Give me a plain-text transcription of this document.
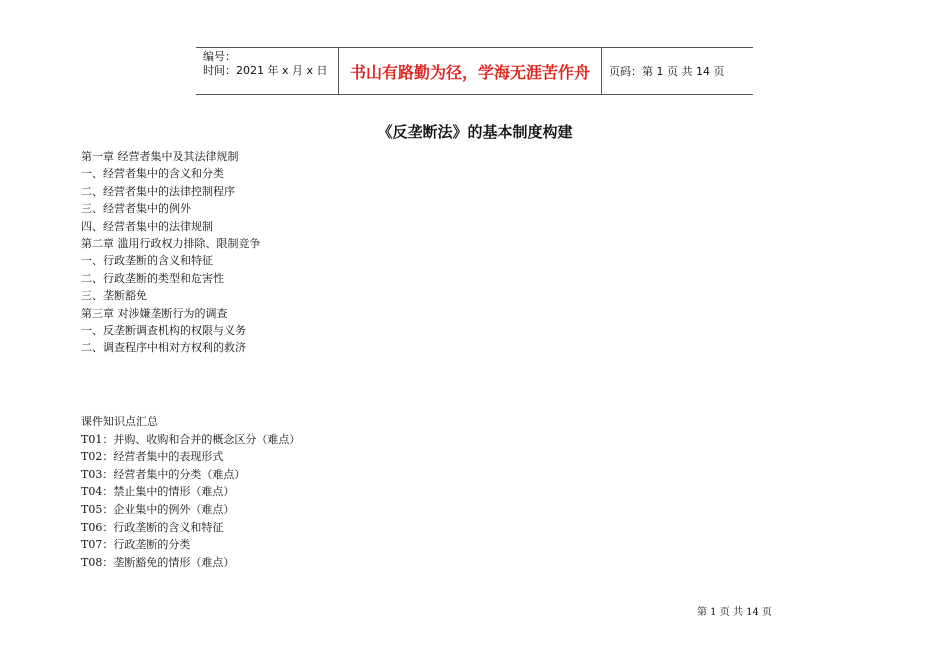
编号：
时间：2021 年 x 月 x 日	书山有路勤为径，学海无涯苦作舟 页码：第 1 页 共 14 页
《反垄断法》的基本制度构建
第一章 经营者集中及其法律规制
一、经营者集中的含义和分类
二、经营者集中的法律控制程序
三、经营者集中的例外
四、经营者集中的法律规制
第二章 滥用行政权力排除、限制竞争
一、行政垄断的含义和特征
二、行政垄断的类型和危害性
三、垄断豁免
第三章 对涉嫌垄断行为的调查
一、反垄断调查机构的权限与义务
二、调查程序中相对方权利的救济
课件知识点汇总
T01：并购、收购和合并的概念区分（难点）
T02：经营者集中的表现形式
T03：经营者集中的分类（难点）
T04：禁止集中的情形（难点）
T05：企业集中的例外（难点）
T06：行政垄断的含义和特征
T07：行政垄断的分类
T08：垄断豁免的情形（难点）
第 1 页 共 14 页
